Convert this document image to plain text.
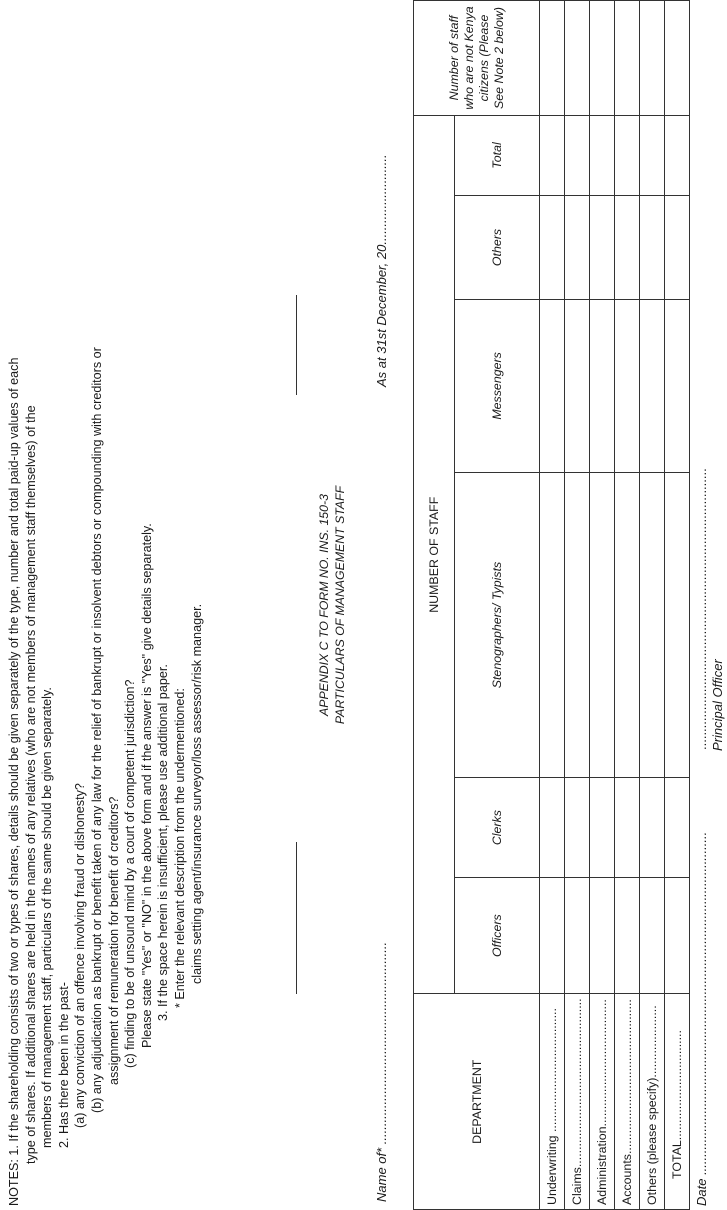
NOTES: 1. If the shareholding consists of two or types of shares, details should be given separately of the type, number and total paid-up values of each type of shares. If additional shares are held in the names of any relatives (who are not members of management staff themselves) of the members of management staff, particulars of the same should be given separately. 2. Has there been in the past- (a) any conviction of an offence involving fraud or dishonesty? (b) any adjudication as bankrupt or benefit taken of any law for the relief of bankrupt or insolvent debtors or compounding with creditors or assignment of remuneration for benefit of creditors? (c) finding to be of unsound mind by a court of competent jurisdiction? Please state "Yes" or "NO" in the above form and if the answer is "Yes" give details separately. 3. If the space herein is insufficient, please use additional paper. * Enter the relevant description from the undermentioned: claims setting agent/insurance surveyor/loss assessor/risk manager.	APPENDIX C TO FORM NO. INS. 150-3 PARTICULARS OF MANAGEMENT STAFF
Name of* ........................................................
As at 31st December, 20.........................
DEPARTMENT	NUMBER OF STAFF						Number of staff who are not Kenya citizens (Please See Note 2 below)
	Officers	Clerks	Stenographers/ Typists	Messengers	Others	Total	
Underwriting ....................................							
Claims.................................................							
Administration.....................................							
Accounts.............................................							
Others (please specify).....................							
TOTAL................................							Date ...............................................................................................
.............................................................................. Principal Officer
